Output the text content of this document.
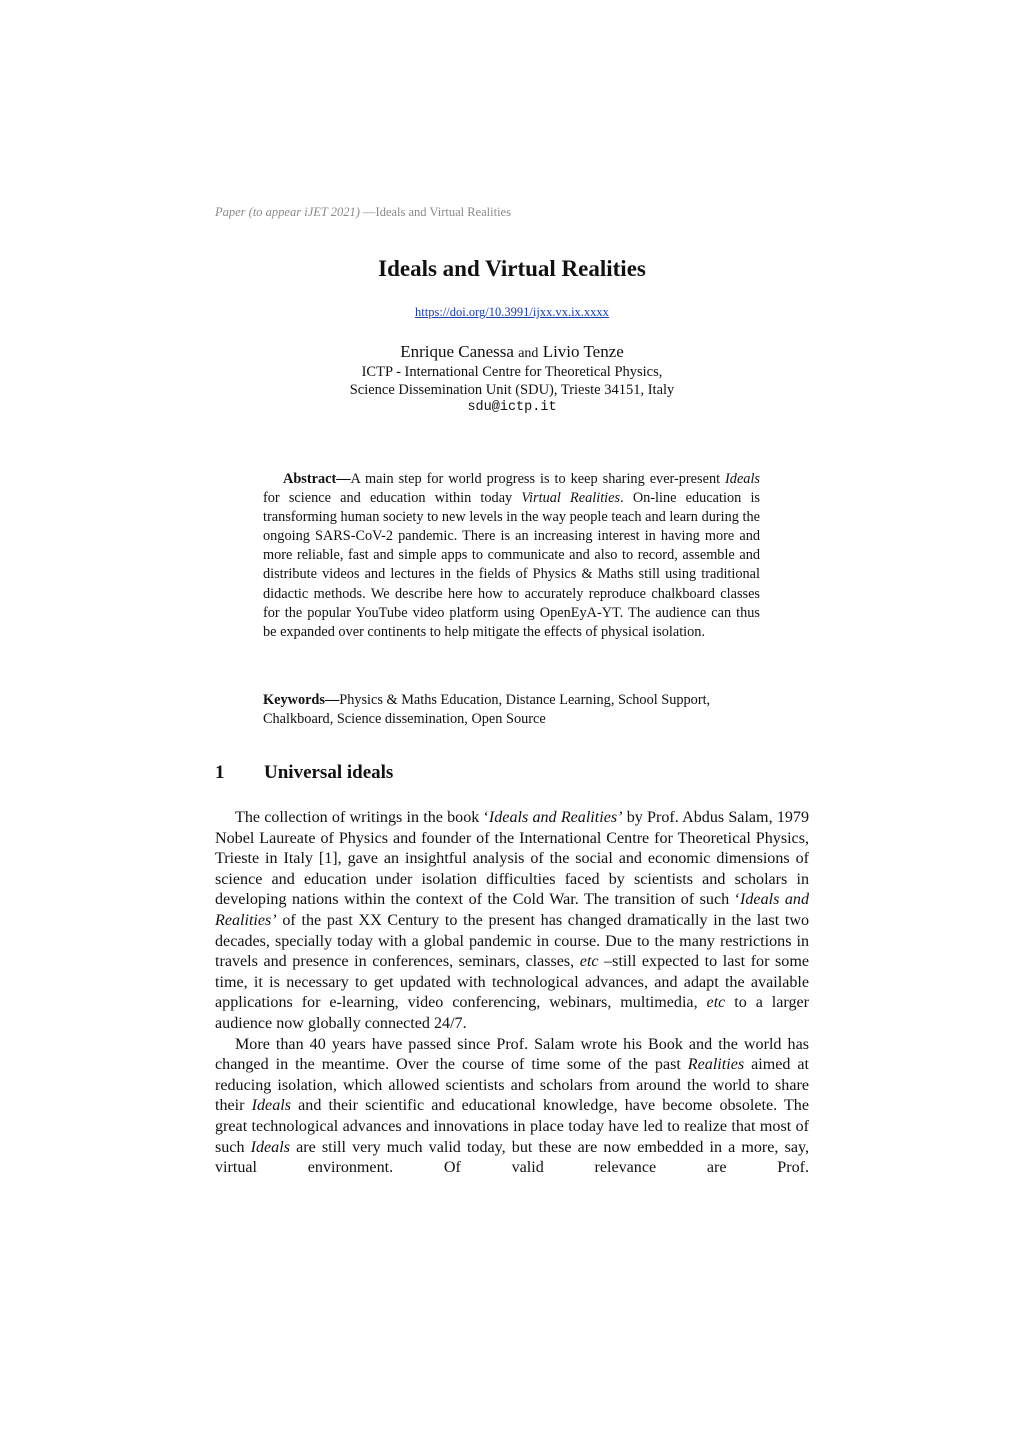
Paper (to appear iJET 2021) —Ideals and Virtual Realities
Ideals and Virtual Realities
https://doi.org/10.3991/ijxx.vx.ix.xxxx
Enrique Canessa and Livio Tenze
ICTP - International Centre for Theoretical Physics,
Science Dissemination Unit (SDU), Trieste 34151, Italy
sdu@ictp.it
Abstract—A main step for world progress is to keep sharing ever-present Ideals for science and education within today Virtual Realities. On-line education is transforming human society to new levels in the way people teach and learn during the ongoing SARS-CoV-2 pandemic. There is an increasing interest in having more and more reliable, fast and simple apps to communicate and also to record, assemble and distribute videos and lectures in the fields of Physics & Maths still using traditional didactic methods. We describe here how to accurately reproduce chalkboard classes for the popular YouTube video platform using OpenEyA-YT. The audience can thus be expanded over continents to help mitigate the effects of physical isolation.
Keywords—Physics & Maths Education, Distance Learning, School Support, Chalkboard, Science dissemination, Open Source
1 Universal ideals

The collection of writings in the book ‘Ideals and Realities’ by Prof. Abdus Salam, 1979 Nobel Laureate of Physics and founder of the International Centre for Theoretical Physics, Trieste in Italy [1], gave an insightful analysis of the social and economic dimensions of science and education under isolation difficulties faced by scientists and scholars in developing nations within the context of the Cold War. The transition of such ‘Ideals and Realities’ of the past XX Century to the present has changed dramatically in the last two decades, specially today with a global pandemic in course. Due to the many restrictions in travels and presence in conferences, seminars, classes, etc –still expected to last for some time, it is necessary to get updated with technological advances, and adapt the available applications for e-learning, video conferencing, webinars, multimedia, etc to a larger audience now globally connected 24/7.

More than 40 years have passed since Prof. Salam wrote his Book and the world has changed in the meantime. Over the course of time some of the past Realities aimed at reducing isolation, which allowed scientists and scholars from around the world to share their Ideals and their scientific and educational knowledge, have become obsolete. The great technological advances and innovations in place today have led to realize that most of such Ideals are still very much valid today, but these are now embedded in a more, say, virtual environment. Of valid relevance are Prof.
